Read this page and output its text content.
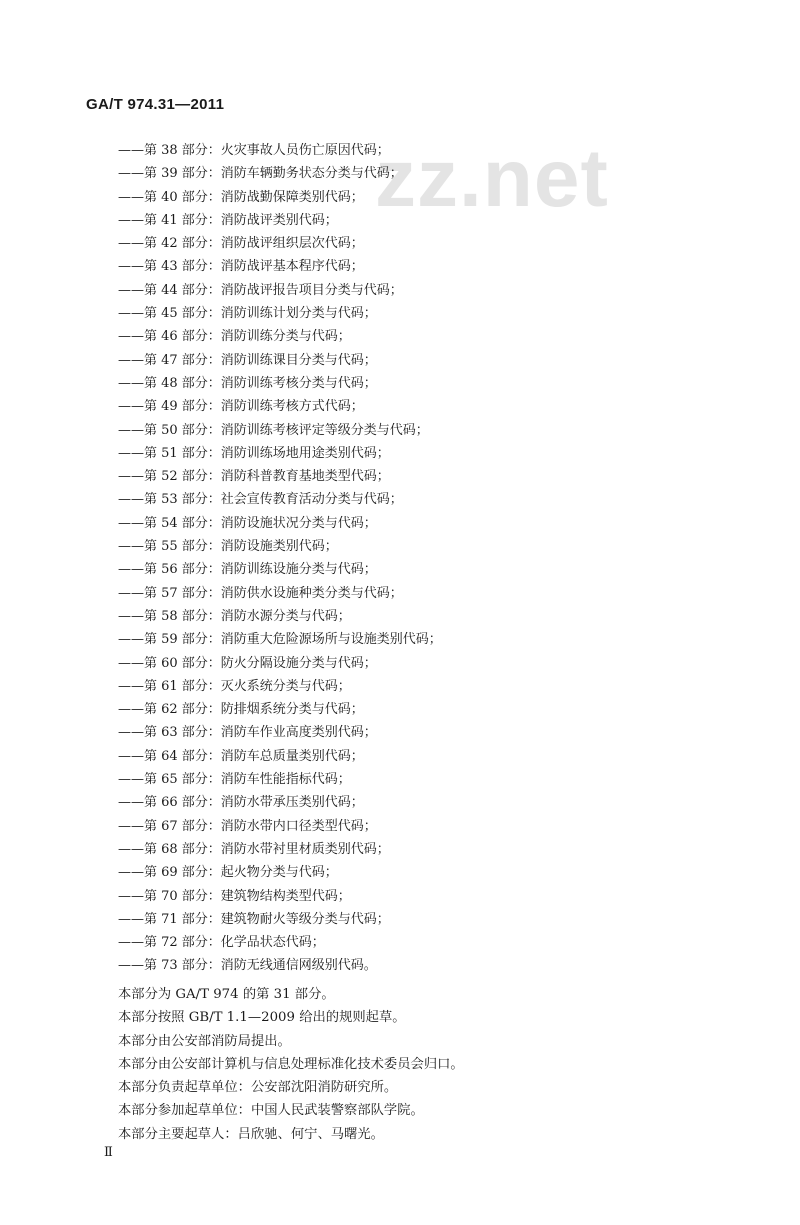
GA/T 974.31—2011
zz.net
——第 38 部分：火灾事故人员伤亡原因代码；
——第 39 部分：消防车辆勤务状态分类与代码；
——第 40 部分：消防战勤保障类别代码；
——第 41 部分：消防战评类别代码；
——第 42 部分：消防战评组织层次代码；
——第 43 部分：消防战评基本程序代码；
——第 44 部分：消防战评报告项目分类与代码；
——第 45 部分：消防训练计划分类与代码；
——第 46 部分：消防训练分类与代码；
——第 47 部分：消防训练课目分类与代码；
——第 48 部分：消防训练考核分类与代码；
——第 49 部分：消防训练考核方式代码；
——第 50 部分：消防训练考核评定等级分类与代码；
——第 51 部分：消防训练场地用途类别代码；
——第 52 部分：消防科普教育基地类型代码；
——第 53 部分：社会宣传教育活动分类与代码；
——第 54 部分：消防设施状况分类与代码；
——第 55 部分：消防设施类别代码；
——第 56 部分：消防训练设施分类与代码；
——第 57 部分：消防供水设施种类分类与代码；
——第 58 部分：消防水源分类与代码；
——第 59 部分：消防重大危险源场所与设施类别代码；
——第 60 部分：防火分隔设施分类与代码；
——第 61 部分：灭火系统分类与代码；
——第 62 部分：防排烟系统分类与代码；
——第 63 部分：消防车作业高度类别代码；
——第 64 部分：消防车总质量类别代码；
——第 65 部分：消防车性能指标代码；
——第 66 部分：消防水带承压类别代码；
——第 67 部分：消防水带内口径类型代码；
——第 68 部分：消防水带衬里材质类别代码；
——第 69 部分：起火物分类与代码；
——第 70 部分：建筑物结构类型代码；
——第 71 部分：建筑物耐火等级分类与代码；
——第 72 部分：化学品状态代码；
——第 73 部分：消防无线通信网级别代码。

本部分为 GA/T 974 的第 31 部分。

本部分按照 GB/T 1.1—2009 给出的规则起草。

本部分由公安部消防局提出。

本部分由公安部计算机与信息处理标准化技术委员会归口。

本部分负责起草单位：公安部沈阳消防研究所。

本部分参加起草单位：中国人民武装警察部队学院。

本部分主要起草人：吕欣驰、何宁、马曙光。

Ⅱ
